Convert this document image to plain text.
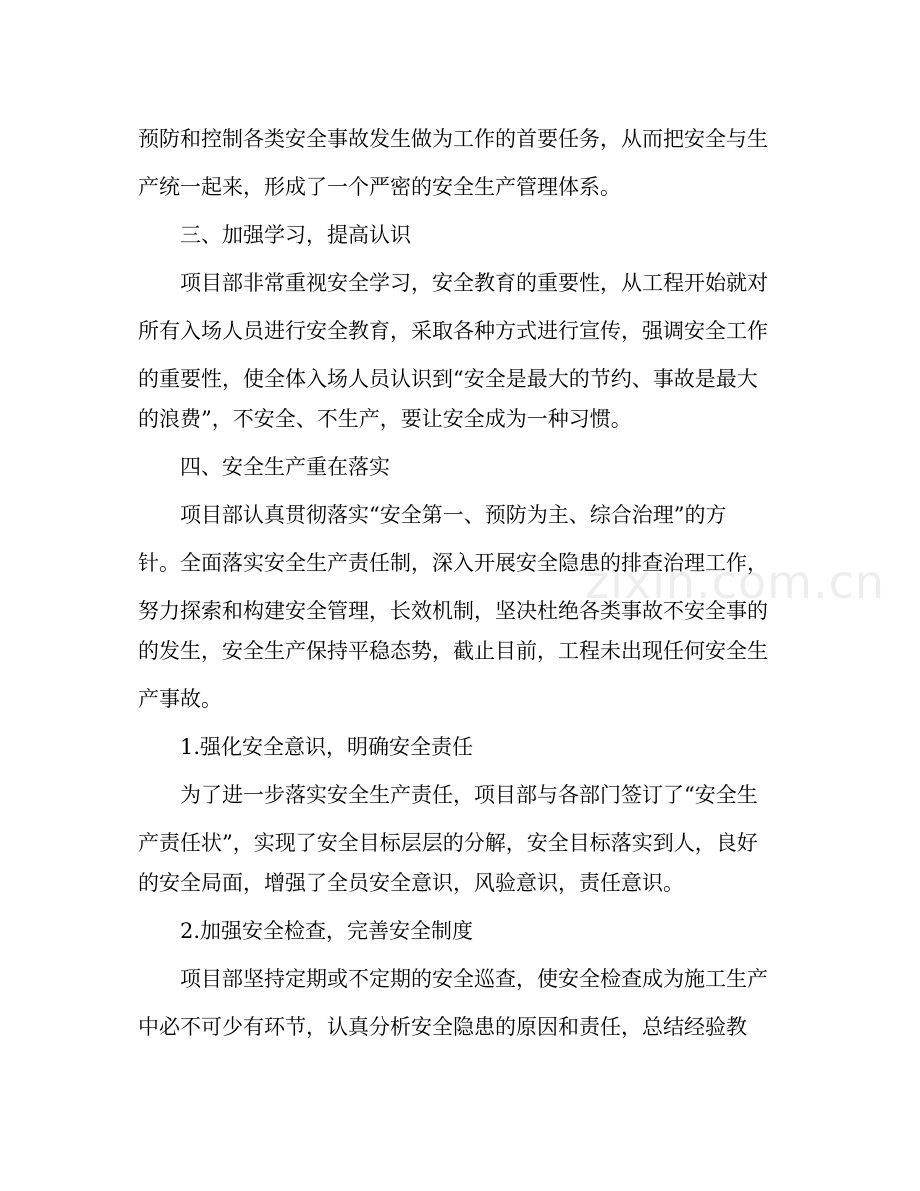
预防和控制各类安全事故发生做为工作的首要任务，从而把安全与生
产统一起来，形成了一个严密的安全生产管理体系。
三、加强学习，提高认识
项目部非常重视安全学习，安全教育的重要性，从工程开始就对
所有入场人员进行安全教育，采取各种方式进行宣传，强调安全工作
的重要性，使全体入场人员认识到“安全是最大的节约、事故是最大
的浪费”，不安全、不生产，要让安全成为一种习惯。
四、安全生产重在落实
项目部认真贯彻落实“安全第一、预防为主、综合治理”的方
针。全面落实安全生产责任制，深入开展安全隐患的排查治理工作，
努力探索和构建安全管理，长效机制，坚决杜绝各类事故不安全事的
的发生，安全生产保持平稳态势，截止目前，工程未出现任何安全生
产事故。
1.强化安全意识，明确安全责任
为了进一步落实安全生产责任，项目部与各部门签订了“安全生
产责任状”，实现了安全目标层层的分解，安全目标落实到人，良好
的安全局面，增强了全员安全意识，风验意识，责任意识。
2.加强安全检查，完善安全制度
项目部坚持定期或不定期的安全巡查，使安全检查成为施工生产
中必不可少有环节，认真分析安全隐患的原因和责任，总结经验教
zixin.com.cn
